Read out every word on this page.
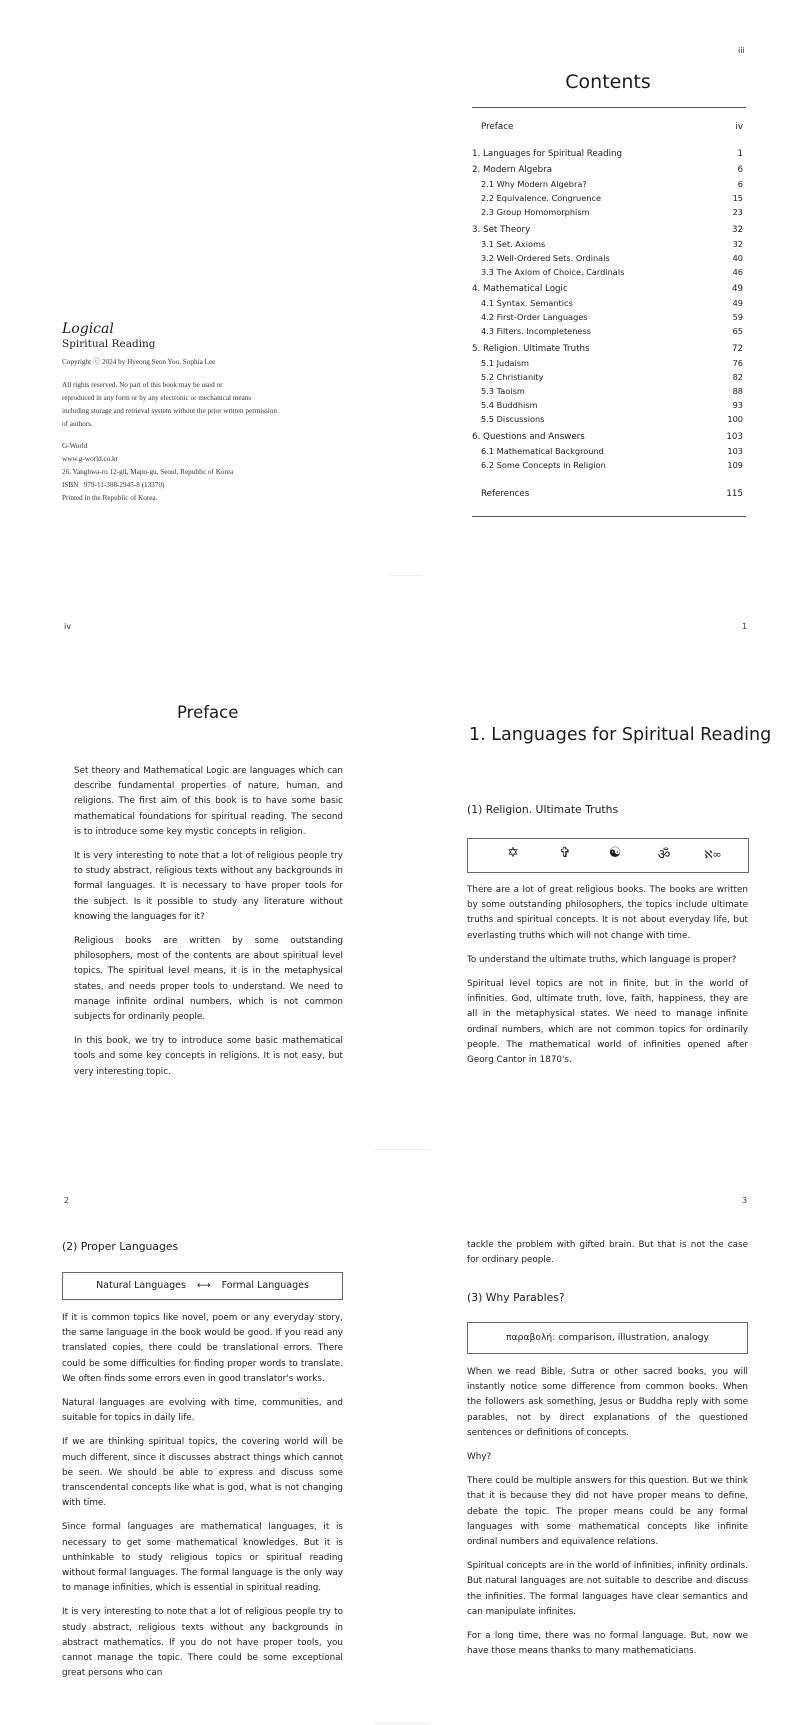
iii
Logical
Spiritual Reading
Copyright ⓒ 2024 by Hyeong Seon Yoo, Sophia Lee
All rights reserved. No part of this book may be used or
reproduced in any form or by any electronic or mechanical means
including storage and retrieval system without the prior written permission
of authors.
G-World
www.g-world.co.kr
26, Yanghwa-ro 12-gil, Mapo-gu, Seoul, Republic of Korea
ISBN   979-11-388-2945-8 (13370)
Printed in the Republic of Korea.
Contents
Preface	iv
1. Languages for Spiritual Reading	1
2. Modern Algebra	6
2.1 Why Modern Algebra?	6
2.2 Equivalence. Congruence	15
2.3 Group Homomorphism	23
3. Set Theory	32
3.1 Set. Axioms	32
3.2 Well-Ordered Sets. Ordinals	40
3.3 The Axiom of Choice. Cardinals	46
4. Mathematical Logic	49
4.1 Syntax. Semantics	49
4.2 First-Order Languages	59
4.3 Filters. Incompleteness	65
5. Religion. Ultimate Truths	72
5.1 Judaism	76
5.2 Christianity	82
5.3 Taoism	88
5.4 Buddhism	93
5.5 Discussions	100
6. Questions and Answers	103
6.1 Mathematical Background	103
6.2 Some Concepts in Religion	109
References	115
iv	1
Preface

Set theory and Mathematical Logic are languages which can describe fundamental properties of nature, human, and religions. The first aim of this book is to have some basic mathematical foundations for spiritual reading. The second is to introduce some key mystic concepts in religion.

It is very interesting to note that a lot of religious people try to study abstract, religious texts without any backgrounds in formal languages. It is necessary to have proper tools for the subject. Is it possible to study any literature without knowing the languages for it?

Religious books are written by some outstanding philosophers, most of the contents are about spiritual level topics. The spiritual level means, it is in the metaphysical states, and needs proper tools to understand. We need to manage infinite ordinal numbers, which is not common subjects for ordinarily people.

In this book, we try to introduce some basic mathematical tools and some key concepts in religions. It is not easy, but very interesting topic.

1. Languages for Spiritual Reading
(1) Religion. Ultimate Truths
✡	✞	☯	ॐ	ℵ∞

There are a lot of great religious books. The books are written by some outstanding philosophers, the topics include ultimate truths and spiritual concepts. It is not about everyday life, but everlasting truths which will not change with time.

To understand the ultimate truths, which language is proper?

Spiritual level topics are not in finite, but in the world of infinities. God, ultimate truth, love, faith, happiness, they are all in the metaphysical states. We need to manage infinite ordinal numbers, which are not common topics for ordinarily people. The mathematical world of infinities opened after Georg Cantor in 1870's.

2	3
(2) Proper Languages
Natural Languages ⟷ Formal Languages

If it is common topics like novel, poem or any everyday story, the same language in the book would be good. If you read any translated copies, there could be translational errors. There could be some difficulties for finding proper words to translate. We often finds some errors even in good translator's works.

Natural languages are evolving with time, communities, and suitable for topics in daily life.

If we are thinking spiritual topics, the covering world will be much different, since it discusses abstract things which cannot be seen. We should be able to express and discuss some transcendental concepts like what is god, what is not changing with time.

Since formal languages are mathematical languages, it is necessary to get some mathematical knowledges. But it is unthinkable to study religious topics or spiritual reading without formal languages. The formal language is the only way to manage infinities, which is essential in spiritual reading.

It is very interesting to note that a lot of religious people try to study abstract, religious texts without any backgrounds in abstract mathematics. If you do not have proper tools, you cannot manage the topic. There could be some exceptional great persons who can

tackle the problem with gifted brain. But that is not the case for ordinary people.

(3) Why Parables?
παραβολή: comparison, illustration, analogy

When we read Bible, Sutra or other sacred books, you will instantly notice some difference from common books. When the followers ask something, Jesus or Buddha reply with some parables, not by direct explanations of the questioned sentences or definitions of concepts.

Why?

There could be multiple answers for this question. But we think that it is because they did not have proper means to define, debate the topic. The proper means could be any formal languages with some mathematical concepts like infinite ordinal numbers and equivalence relations.

Spiritual concepts are in the world of infinities, infinity ordinals. But natural languages are not suitable to describe and discuss the infinities. The formal languages have clear semantics and can manipulate infinites.

For a long time, there was no formal language. But, now we have those means thanks to many mathematicians.
